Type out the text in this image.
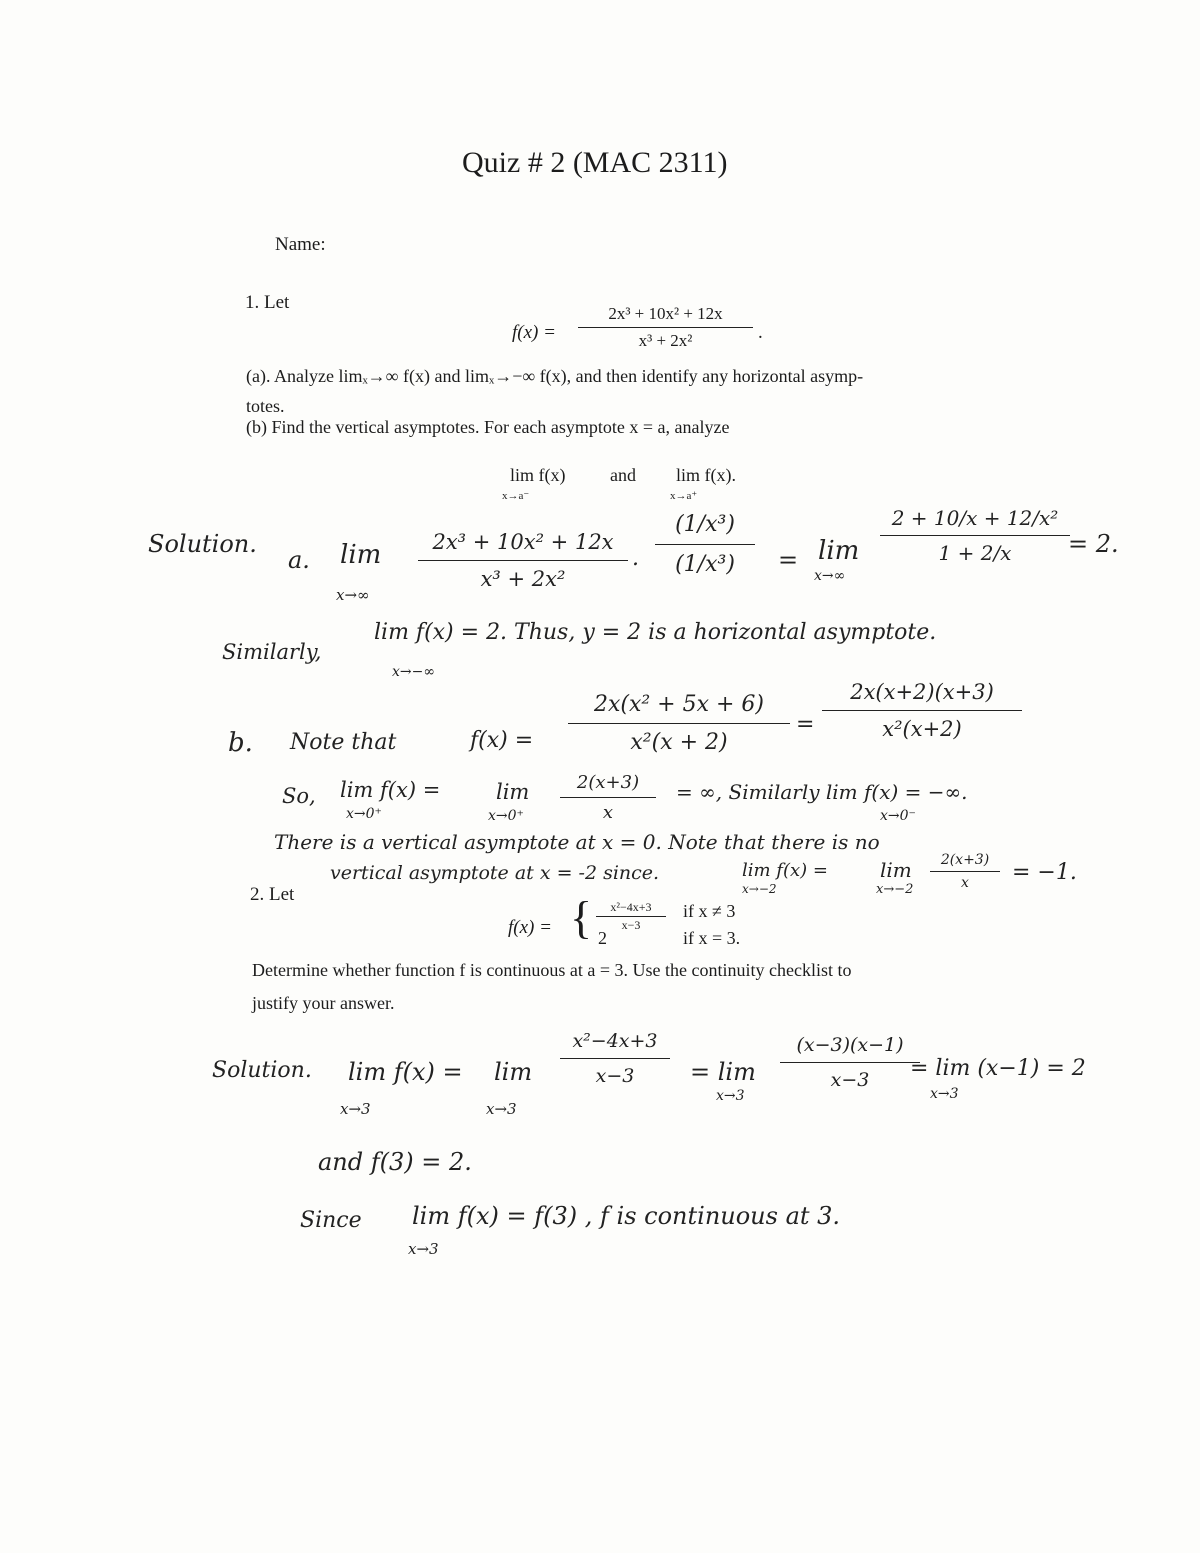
Quiz # 2 (MAC 2311)
Name:
1. Let
f(x) =
2x³ + 10x² + 12x
x³ + 2x²	.
(a). Analyze limₓ→∞ f(x) and limₓ→−∞ f(x), and then identify any horizontal asymp-
totes.
(b) Find the vertical asymptotes. For each asymptote x = a, analyze
lim f(x)
x→a⁻
and lim f(x).
x→a⁺
Solution.
a. lim
x→∞
2x³ + 10x² + 12x
x³ + 2x²
.
(1/x³)
(1/x³)	= lim
x→∞
2 + 10/x + 12/x²
1 + 2/x	= 2.
Similarly,
lim f(x) = 2. Thus, y = 2 is a horizontal asymptote.
x→−∞
b. Note that	f(x) =
2x(x² + 5x + 6)
x²(x + 2)
=
2x(x+2)(x+3)
x²(x+2)
So, lim f(x) =
x→0⁺
lim
x→0⁺
2(x+3)
x
= ∞, Similarly lim f(x) = −∞.
x→0⁻
There is a vertical asymptote at x = 0. Note that there is no
vertical asymptote at x = -2 since.	lim f(x) =
x→−2
lim
x→−2
2(x+3)
x	= −1.
2. Let
f(x) = {	x²−4x+3
x−3
if x ≠ 3
2	if x = 3.
Determine whether function f is continuous at a = 3. Use the continuity checklist to
justify your answer.
Solution. lim f(x) =
x→3
lim
x→3
x²−4x+3
x−3	= lim
x→3
(x−3)(x−1)
x−3	= lim (x−1) = 2
x→3
and f(3) = 2.
Since lim f(x) = f(3) , f is continuous at 3.
x→3
